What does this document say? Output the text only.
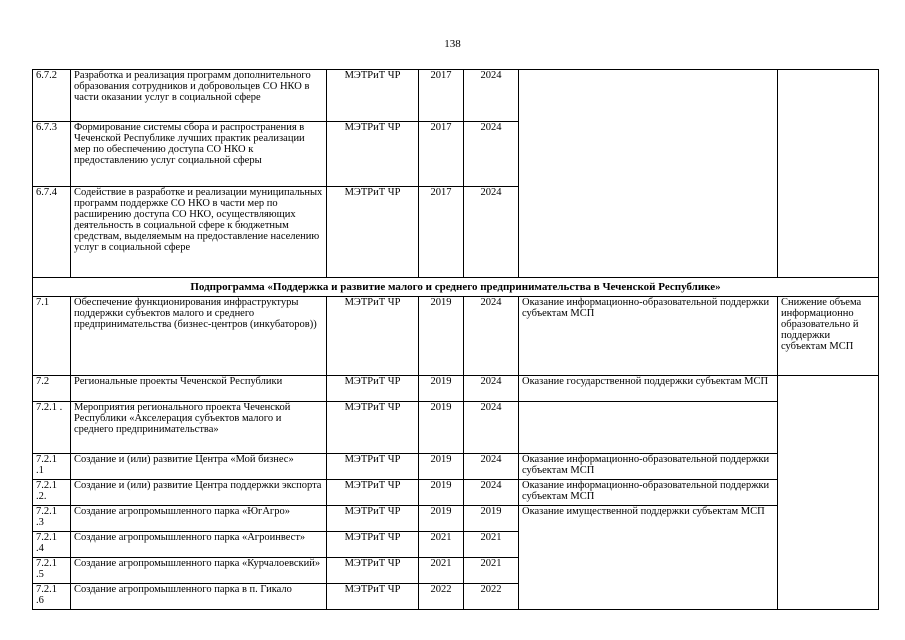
138
6.7.2	Разработка и реализация программ дополнительного образования сотрудников и добровольцев СО НКО в части оказании услуг в социальной сфере	МЭТРиТ ЧР	2017	2024		
6.7.3	Формирование системы сбора и распространения в Чеченской Республике лучших практик реализации мер по обеспечению доступа СО НКО к предоставлению услуг социальной сферы	МЭТРиТ ЧР	2017	2024		
6.7.4	Содействие в разработке и реализации муниципальных программ поддержке СО НКО в части мер по расширению доступа СО НКО, осуществляющих деятельность в социальной сфере к бюджетным средствам, выделяемым на предоставление населению услуг в социальной сфере	МЭТРиТ ЧР	2017	2024		
Подпрограмма «Поддержка и развитие малого и среднего предпринимательства в Чеченской Республике»						
7.1	Обеспечение функционирования инфраструктуры поддержки субъектов малого и среднего предпринимательства (бизнес-центров (инкубаторов))	МЭТРиТ ЧР	2019	2024	Оказание информационно-образовательной поддержки субъектам МСП	Снижение объема информационно образовательно й поддержки субъектам МСП
7.2	Региональные проекты Чеченской Республики	МЭТРиТ ЧР	2019	2024	Оказание государственной поддержки субъектам МСП	
7.2.1 .	Мероприятия регионального проекта Чеченской Республики «Акселерация субъектов малого и среднего предпринимательства»	МЭТРиТ ЧР	2019	2024		
7.2.1 .1	Создание и (или) развитие Центра «Мой бизнес»	МЭТРиТ ЧР	2019	2024	Оказание информационно-образовательной поддержки субъектам МСП	
7.2.1 .2.	Создание и (или) развитие Центра поддержки экспорта	МЭТРиТ ЧР	2019	2024	Оказание информационно-образовательной поддержки субъектам МСП	
7.2.1 .3	Создание агропромышленного парка «ЮгАгро»	МЭТРиТ ЧР	2019	2019	Оказание имущественной поддержки субъектам МСП	
7.2.1 .4	Создание агропромышленного парка «Агроинвест»	МЭТРиТ ЧР	2021	2021		
7.2.1 .5	Создание агропромышленного парка «Курчалоевский»	МЭТРиТ ЧР	2021	2021		
7.2.1 .6	Создание агропромышленного парка в п. Гикало	МЭТРиТ ЧР	2022	2022		
